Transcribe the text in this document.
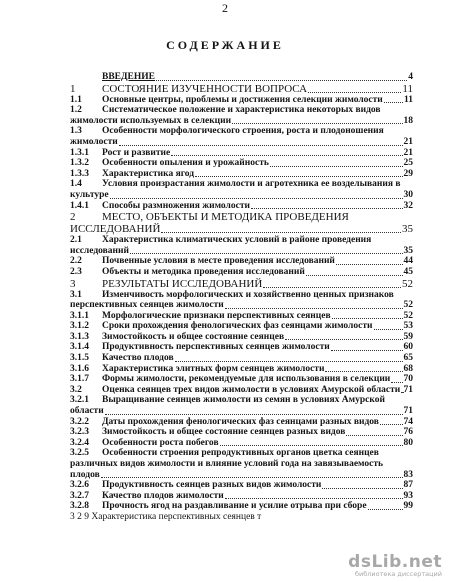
2
СОДЕРЖАНИЕ
ВВЕДЕНИЕ	4
1	СОСТОЯНИЕ ИЗУЧЕННОСТИ ВОПРОСА	11
1.1	Основные центры, проблемы и достижения селекции жимолости 11
1.2	Систематическое положение и характеристика некоторых видов
жимолости используемых в селекции	18
1.3	Особенности морфологического строения, роста и плодоношения
жимолости	21
1.3.1	Рост и развитие	21
1.3.2	Особенности опыления и урожайность	25
1.3.3	Характеристика ягод	29
1.4	Условия произрастания жимолости и агротехника ее возделывания в
культуре	30
1.4.1	Способы размножения жимолости	32
2	МЕСТО, ОБЪЕКТЫ И МЕТОДИКА ПРОВЕДЕНИЯ
ИССЛЕДОВАНИЙ	35
2.1	Характеристика климатических условий в районе проведения
исследований	35
2.2	Почвенные условия в месте проведения исследований	44
2.3	Объекты и методика проведения исследований	45
3	РЕЗУЛЬТАТЫ ИССЛЕДОВАНИЙ	52
3.1	Изменчивость морфологических и хозяйственно ценных признаков
перспективных сеянцев жимолости	52
3.1.1	Морфологические признаки перспективных сеянцев	52
3.1.2	Сроки прохождения фенологических фаз сеянцами жимолости	53
3.1.3	Зимостойкость и общее состояние сеянцев	59
3.1.4	Продуктивность перспективных сеянцев жимолости	60
3.1.5	Качество плодов	65
3.1.6	Характеристика элитных форм сеянцев жимолости	68
3.1.7	Формы жимолости, рекомендуемые для использования в селекции 70
3.2	Оценка сеянцев трех видов жимолости в условиях Амурской области 71
3.2.1	Выращивание сеянцев жимолости из семян в условиях Амурской
области	71
3.2.2	Даты прохождения фенологических фаз сеянцами разных видов	74
3.2.3	Зимостойкость и общее состояние сеянцев разных видов	76
3.2.4	Особенности роста побегов	80
3.2.5	Особенности строения репродуктивных органов цветка сеянцев
различных видов жимолости и влияние условий года на завязываемость
плодов	83
3.2.6	Продуктивность сеянцев разных видов жимолости	87
3.2.7	Качество плодов жимолости	93
3.2.8	Прочность ягод на раздавливание и усилие отрыва при сборе	99
3 2 9 Характеристика перспективных сеянцев т
dsLib.net
библиотека диссертаций
